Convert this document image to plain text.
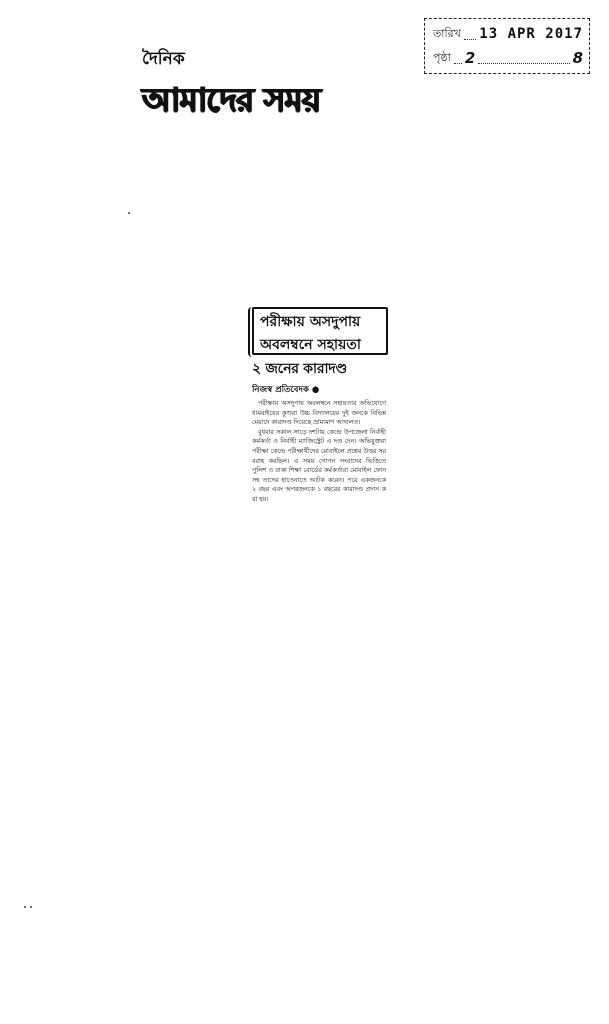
তারিখ 13 APR 2017
পৃষ্ঠা 2	8
দৈনিক
আমাদের সময়
পরীক্ষায় অসদুপায়
অবলম্বনে সহায়তা
২ জনের কারাদণ্ড
নিজস্ব প্রতিবেদক ●

পরীক্ষায় অসদুপায় অবলম্বনে সহায়তার অভিযোগে ধামরাইয়ের কুশুরা উচ্চ বিদ্যালয়ের দুই জনকে বিভিন্ন মেয়াদে কারাদণ্ড দিয়েছে ভ্রাম্যমাণ আদালত।

বুধবার সকাল সাড়ে দশটায় কেন্দ্রে উপজেলা নির্বাহী কর্মকর্তা ও নির্বাহী ম্যাজিস্ট্রেট এ দণ্ড দেন। অভিযুক্তরা পরীক্ষা কেন্দ্রে পরীক্ষার্থীদের মোবাইলে প্রশ্নের উত্তর সরবরাহ করছিল। এ সময় গোপন সংবাদের ভিত্তিতে পুলিশ ও ঢাকা শিক্ষা বোর্ডের কর্মকর্তারা মোবাইল ফোনসহ তাদের হাতেনাতে আটক করেন। পরে একজনকে ২ বছর এবং অপরজনকে ১ বছরের কারাদণ্ড প্রদান করা হয়।
